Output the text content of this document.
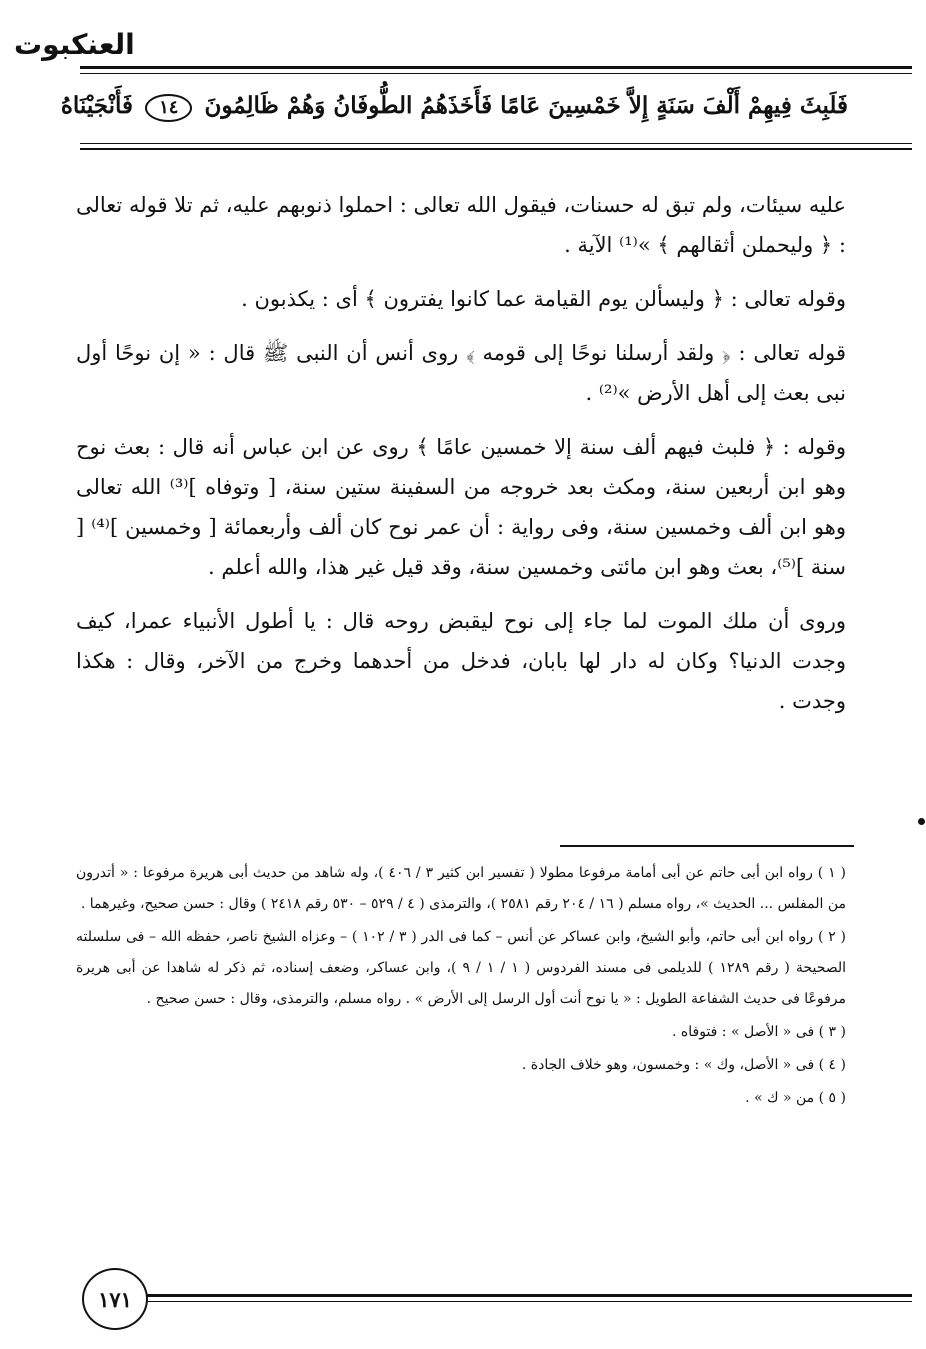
العنكبوت
فَلَبِثَ فِيهِمْ أَلْفَ سَنَةٍ إِلاَّ خَمْسِينَ عَامًا فَأَخَذَهُمُ الطُّوفَانُ وَهُمْ ظَالِمُونَ ١٤ فَأَنْجَيْنَاهُ

عليه سيئات، ولم تبق له حسنات، فيقول الله تعالى : احملوا ذنوبهم عليه، ثم تلا قوله تعالى : ﴿ وليحملن أثقالهم ﴾ »⁽¹⁾ الآية .

وقوله تعالى : ﴿ وليسألن يوم القيامة عما كانوا يفترون ﴾ أى : يكذبون .

قوله تعالى : ﴿ ولقد أرسلنا نوحًا إلى قومه ﴾ روى أنس أن النبى ﷺ قال : « إن نوحًا أول نبى بعث إلى أهل الأرض »⁽²⁾ .

وقوله : ﴿ فلبث فيهم ألف سنة إلا خمسين عامًا ﴾ روى عن ابن عباس أنه قال : بعث نوح وهو ابن أربعين سنة، ومكث بعد خروجه من السفينة ستين سنة، [ وتوفاه ]⁽³⁾ الله تعالى وهو ابن ألف وخمسين سنة، وفى رواية : أن عمر نوح كان ألف وأربعمائة [ وخمسين ]⁽⁴⁾ [ سنة ]⁽⁵⁾، بعث وهو ابن مائتى وخمسين سنة، وقد قيل غير هذا، والله أعلم .

وروى أن ملك الموت لما جاء إلى نوح ليقبض روحه قال : يا أطول الأنبياء عمرا، كيف وجدت الدنيا؟ وكان له دار لها بابان، فدخل من أحدهما وخرج من الآخر، وقال : هكذا وجدت .

( ١ ) رواه ابن أبى حاتم عن أبى أمامة مرفوعا مطولا ( تفسير ابن كثير ٣ / ٤٠٦ )، وله شاهد من حديث أبى هريرة مرفوعا : « أتدرون من المفلس ... الحديث »، رواه مسلم ( ١٦ / ٢٠٤ رقم ٢٥٨١ )، والترمذى ( ٤ / ٥٢٩ – ٥٣٠ رقم ٢٤١٨ ) وقال : حسن صحيح، وغيرهما .

( ٢ ) رواه ابن أبى حاتم، وأبو الشيخ، وابن عساكر عن أنس – كما فى الدر ( ٣ / ١٠٢ ) – وعزاه الشيخ ناصر، حفظه الله – فى سلسلته الصحيحة ( رقم ١٢٨٩ ) للديلمى فى مسند الفردوس ( ١ / ١ / ٩ )، وابن عساكر، وضعف إسناده، ثم ذكر له شاهدا عن أبى هريرة مرفوعًا فى حديث الشفاعة الطويل : « يا نوح أنت أول الرسل إلى الأرض » . رواه مسلم، والترمذى، وقال : حسن صحيح .

( ٣ ) فى « الأصل » : فتوفاه .

( ٤ ) فى « الأصل، وك » : وخمسون، وهو خلاف الجادة .

( ٥ ) من « ك » .

١٧١
